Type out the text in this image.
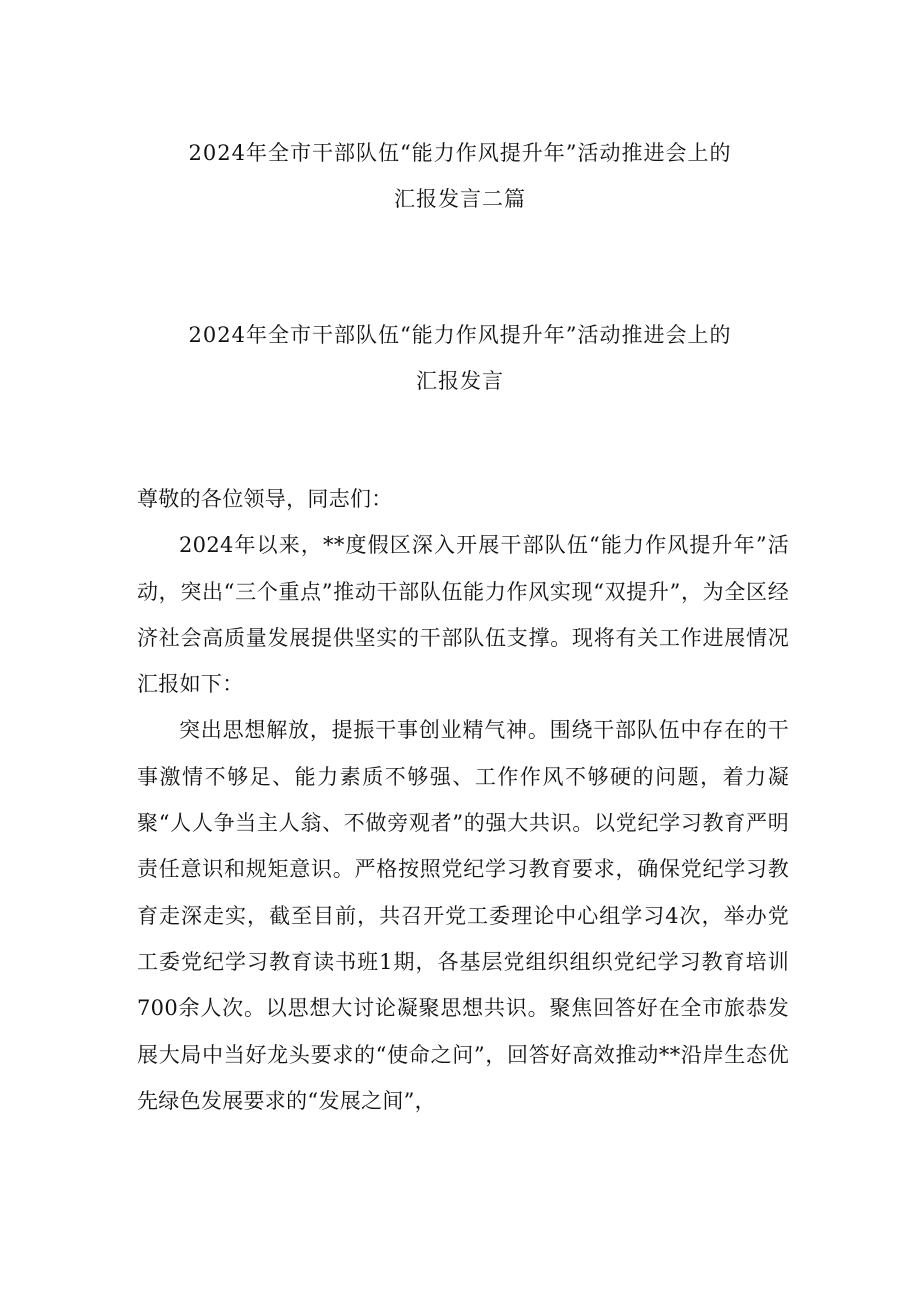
2024年全市干部队伍“能力作风提升年”活动推进会上的
汇报发言二篇
2024年全市干部队伍“能力作风提升年”活动推进会上的
汇报发言

尊敬的各位领导，同志们：

2024年以来，**度假区深入开展干部队伍“能力作风提升年”活动，突出“三个重点”推动干部队伍能力作风实现“双提升”，为全区经济社会高质量发展提供坚实的干部队伍支撑。现将有关工作进展情况汇报如下：

突出思想解放，提振干事创业精气神。围绕干部队伍中存在的干事激情不够足、能力素质不够强、工作作风不够硬的问题，着力凝聚“人人争当主人翁、不做旁观者”的强大共识。以党纪学习教育严明责任意识和规矩意识。严格按照党纪学习教育要求，确保党纪学习教育走深走实，截至目前，共召开党工委理论中心组学习4次，举办党工委党纪学习教育读书班1期，各基层党组织组织党纪学习教育培训700余人次。以思想大讨论凝聚思想共识。聚焦回答好在全市旅恭发展大局中当好龙头要求的“使命之问”，回答好高效推动**沿岸生态优先绿色发展要求的“发展之间”，
